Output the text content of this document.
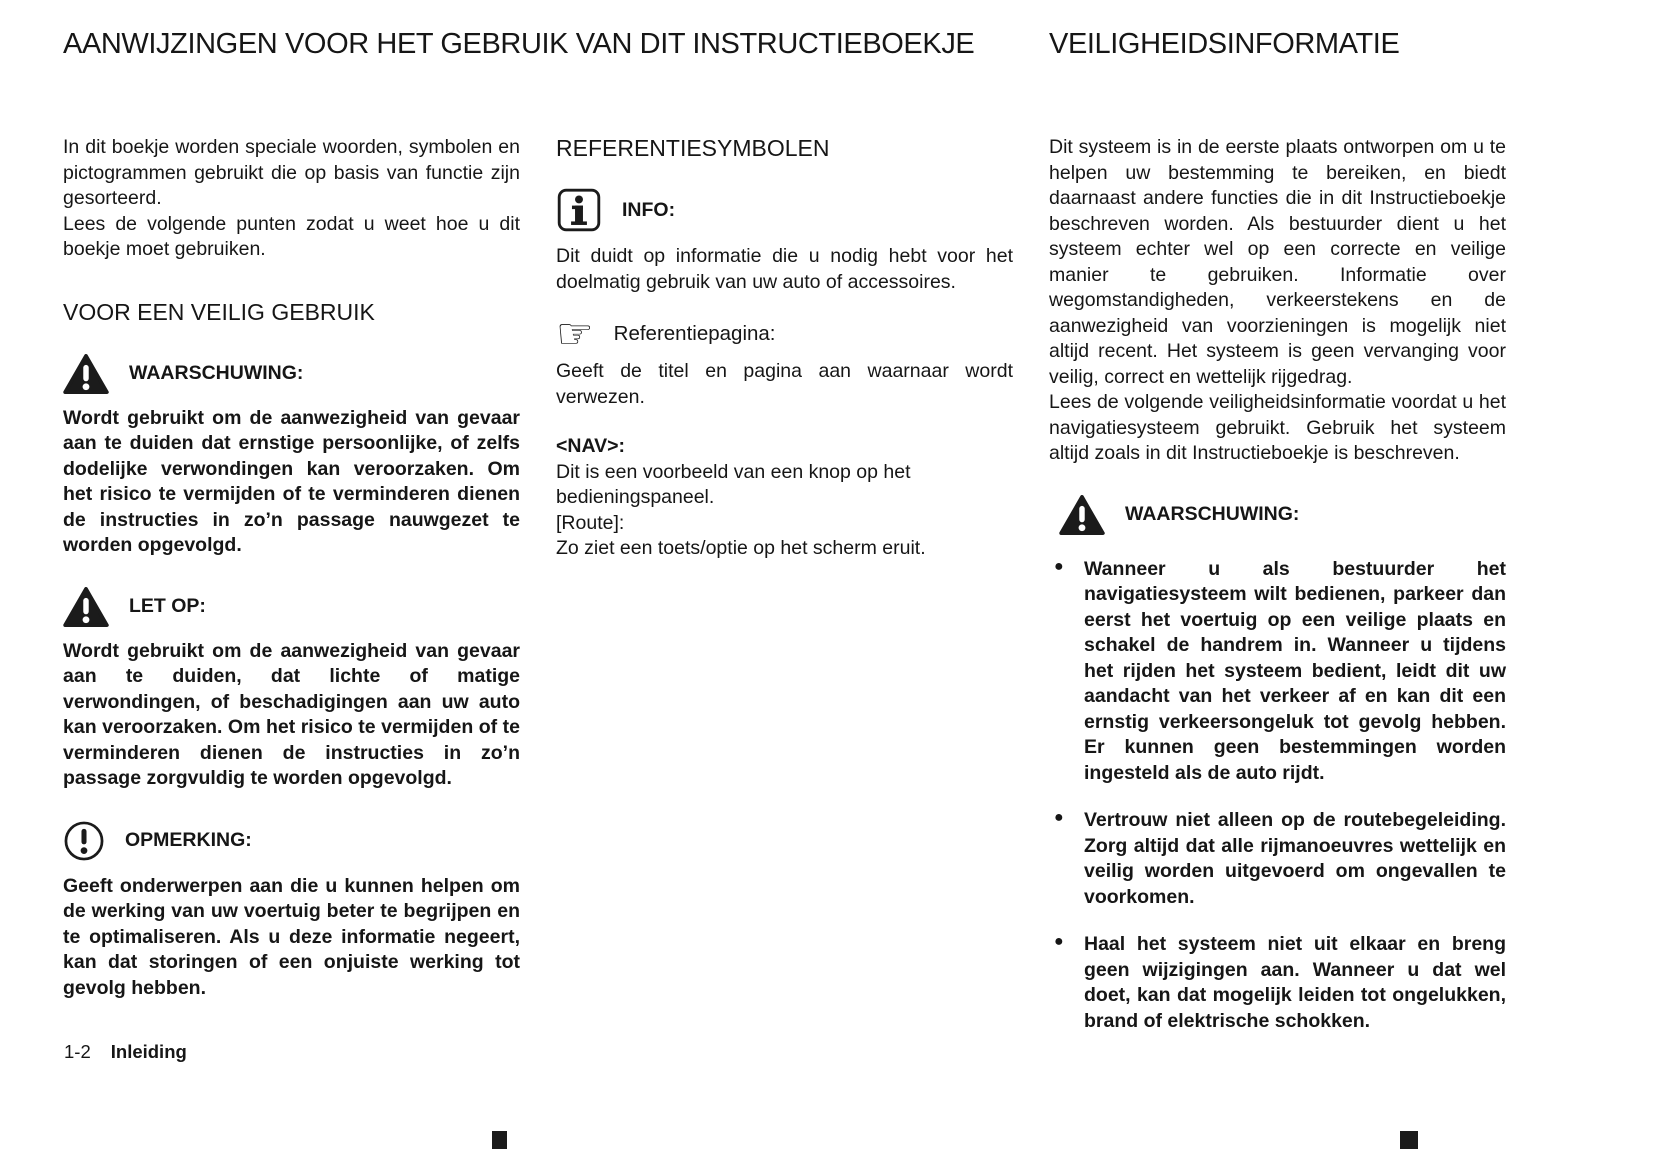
AANWIJZINGEN VOOR HET GEBRUIK VAN DIT INSTRUCTIEBOEKJE	VEILIGHEIDSINFORMATIE

In dit boekje worden speciale woorden, symbolen en pictogrammen gebruikt die op basis van functie zijn gesorteerd.

Lees de volgende punten zodat u weet hoe u dit boekje moet gebruiken.

VOOR EEN VEILIG GEBRUIK
WAARSCHUWING:

Wordt gebruikt om de aanwezigheid van gevaar aan te duiden dat ernstige persoonlijke, of zelfs dodelijke verwondingen kan veroorzaken. Om het risico te vermijden of te verminderen dienen de instructies in zo’n passage nauwgezet te worden opgevolgd.

LET OP:

Wordt gebruikt om de aanwezigheid van gevaar aan te duiden, dat lichte of matige verwondingen, of beschadigingen aan uw auto kan veroorzaken. Om het risico te vermijden of te verminderen dienen de instructies in zo’n passage zorgvuldig te worden opgevolgd.

OPMERKING:

Geeft onderwerpen aan die u kunnen helpen om de werking van uw voertuig beter te begrijpen en te optimaliseren. Als u deze informatie negeert, kan dat storingen of een onjuiste werking tot gevolg hebben.

REFERENTIESYMBOLEN
INFO:

Dit duidt op informatie die u nodig hebt voor het doelmatig gebruik van uw auto of accessoires.

☞ Referentiepagina:

Geeft de titel en pagina aan waarnaar wordt verwezen.

<NAV>:

Dit is een voorbeeld van een knop op het bedieningspaneel.

[Route]:

Zo ziet een toets/optie op het scherm eruit.

Dit systeem is in de eerste plaats ontworpen om u te helpen uw bestemming te bereiken, en biedt daarnaast andere functies die in dit Instructieboekje beschreven worden. Als bestuurder dient u het systeem echter wel op een correcte en veilige manier te gebruiken. Informatie over wegomstandigheden, verkeerstekens en de aanwezigheid van voorzieningen is mogelijk niet altijd recent. Het systeem is geen vervanging voor veilig, correct en wettelijk rijgedrag.

Lees de volgende veiligheidsinformatie voordat u het navigatiesysteem gebruikt. Gebruik het systeem altijd zoals in dit Instructieboekje is beschreven.

WAARSCHUWING:
● Wanneer u als bestuurder het navigatiesysteem wilt bedienen, parkeer dan eerst het voertuig op een veilige plaats en schakel de handrem in. Wanneer u tijdens het rijden het systeem bedient, leidt dit uw aandacht van het verkeer af en kan dit een ernstig verkeersongeluk tot gevolg hebben. Er kunnen geen bestemmingen worden ingesteld als de auto rijdt.

● Vertrouw niet alleen op de routebegeleiding. Zorg altijd dat alle rijmanoeuvres wettelijk en veilig worden uitgevoerd om ongevallen te voorkomen.

● Haal het systeem niet uit elkaar en breng geen wijzigingen aan. Wanneer u dat wel doet, kan dat mogelijk leiden tot ongelukken, brand of elektrische schokken.

1-2 Inleiding
